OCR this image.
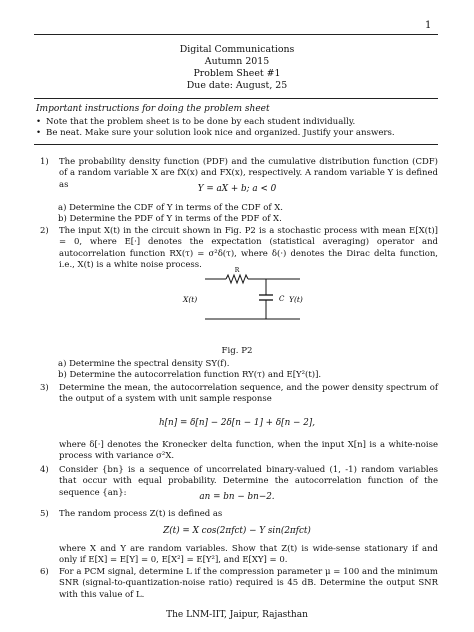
1
Digital Communications
Autumn 2015
Problem Sheet #1
Due date: August, 25
Important instructions for doing the problem sheet
• Note that the problem sheet is to be done by each student individually.
• Be neat. Make sure your solution look nice and organized. Justify your answers.
1)	The probability density function (PDF) and the cumulative distribution function (CDF) of a random variable X are fX(x) and FX(x), respectively. A random variable Y is defined as	Y = aX + b; a < 0
a) Determine the CDF of Y in terms of the CDF of X.
b) Determine the PDF of Y in terms of the PDF of X.
2)	The input X(t) in the circuit shown in Fig. P2 is a stochastic process with mean E[X(t)] = 0, where E[·] denotes the expectation (statistical averaging) operator and autocorrelation function RX(τ) = σ²δ(τ), where δ(·) denotes the Dirac delta function, i.e., X(t) is a white noise process.
R
C
X(t)	Y(t)
Fig. P2
a) Determine the spectral density SY(f).
b) Determine the autocorrelation function RY(τ) and E[Y²(t)].
3)	Determine the mean, the autocorrelation sequence, and the power density spectrum of the output of a system with unit sample response
h[n] = δ[n] − 2δ[n − 1] + δ[n − 2],
where δ[·] denotes the Kronecker delta function, when the input X[n] is a white-noise process with variance σ²X.
4)	Consider {bn} is a sequence of uncorrelated binary-valued (1, -1) random variables that occur with equal probability. Determine the autocorrelation function of the sequence {an}:	an = bn − bn−2.
5)	The random process Z(t) is defined as
Z(t) = X cos(2πfct) − Y sin(2πfct)
where X and Y are random variables. Show that Z(t) is wide-sense stationary if and only if E[X] = E[Y] = 0, E[X²] = E[Y²], and E[XY] = 0.
6)	For a PCM signal, determine L if the compression parameter μ = 100 and the minimum SNR (signal-to-quantization-noise ratio) required is 45 dB. Determine the output SNR with this value of L.
The LNM-IIT, Jaipur, Rajasthan
